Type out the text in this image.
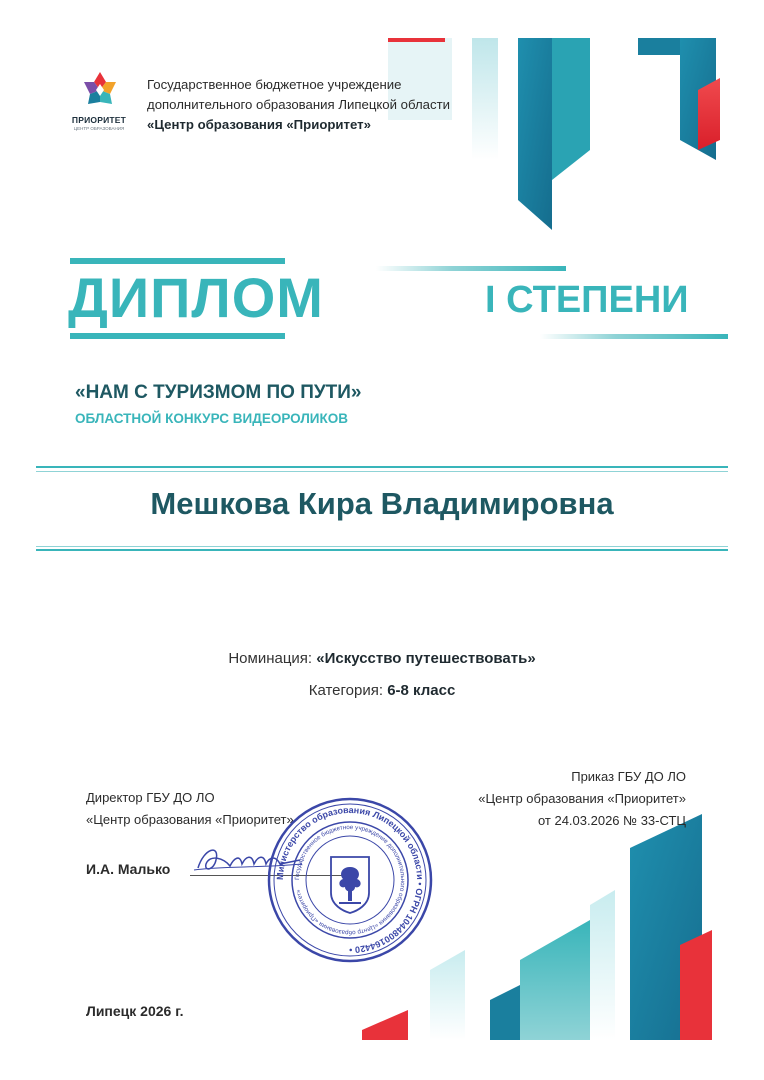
ПРИОРИТЕТ
ЦЕНТР ОБРАЗОВАНИЯ
Государственное бюджетное учреждение
дополнительного образования Липецкой области
«Центр образования «Приоритет»
ДИПЛОМ	I СТЕПЕНИ
«НАМ С ТУРИЗМОМ ПО ПУТИ»
ОБЛАСТНОЙ КОНКУРС ВИДЕОРОЛИКОВ
Мешкова Кира Владимировна
Номинация: «Искусство путешествовать»
Категория: 6-8 класс
Директор ГБУ ДО ЛО
«Центр образования «Приоритет»
И.А. Малько	Министерство образования Липецкой области • ОГРН 1044800164420 •
Государственное бюджетное учреждение дополнительного образования «Центр образования «Приоритет»
Приказ ГБУ ДО ЛО
«Центр образования «Приоритет»
от 24.03.2026 № 33-СТЦ
Липецк 2026 г.
